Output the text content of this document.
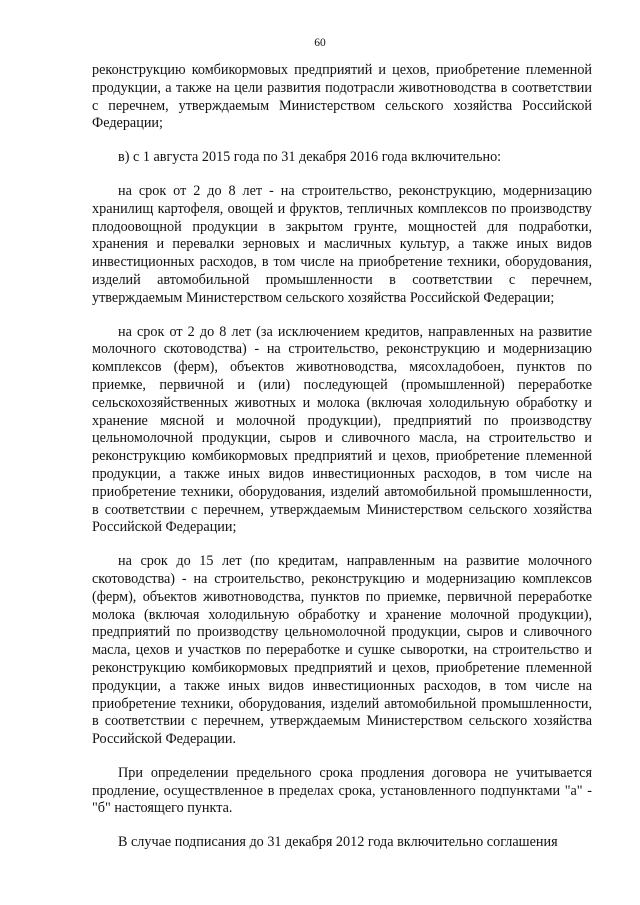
60

реконструкцию комбикормовых предприятий и цехов, приобретение племенной продукции, а также на цели развития подотрасли животноводства в соответствии с перечнем, утверждаемым Министерством сельского хозяйства Российской Федерации;

в) с 1 августа 2015 года по 31 декабря 2016 года включительно:

на срок от 2 до 8 лет - на строительство, реконструкцию, модернизацию хранилищ картофеля, овощей и фруктов, тепличных комплексов по производству плодоовощной продукции в закрытом грунте, мощностей для подработки, хранения и перевалки зерновых и масличных культур, а также иных видов инвестиционных расходов, в том числе на приобретение техники, оборудования, изделий автомобильной промышленности в соответствии с перечнем, утверждаемым Министерством сельского хозяйства Российской Федерации;

на срок от 2 до 8 лет (за исключением кредитов, направленных на развитие молочного скотоводства) - на строительство, реконструкцию и модернизацию комплексов (ферм), объектов животноводства, мясохладобоен, пунктов по приемке, первичной и (или) последующей (промышленной) переработке сельскохозяйственных животных и молока (включая холодильную обработку и хранение мясной и молочной продукции), предприятий по производству цельномолочной продукции, сыров и сливочного масла, на строительство и реконструкцию комбикормовых предприятий и цехов, приобретение племенной продукции, а также иных видов инвестиционных расходов, в том числе на приобретение техники, оборудования, изделий автомобильной промышленности, в соответствии с перечнем, утверждаемым Министерством сельского хозяйства Российской Федерации;

на срок до 15 лет (по кредитам, направленным на развитие молочного скотоводства) - на строительство, реконструкцию и модернизацию комплексов (ферм), объектов животноводства, пунктов по приемке, первичной переработке молока (включая холодильную обработку и хранение молочной продукции), предприятий по производству цельномолочной продукции, сыров и сливочного масла, цехов и участков по переработке и сушке сыворотки, на строительство и реконструкцию комбикормовых предприятий и цехов, приобретение племенной продукции, а также иных видов инвестиционных расходов, в том числе на приобретение техники, оборудования, изделий автомобильной промышленности, в соответствии с перечнем, утверждаемым Министерством сельского хозяйства Российской Федерации.

При определении предельного срока продления договора не учитывается продление, осуществленное в пределах срока, установленного подпунктами "а" - "б" настоящего пункта.

В случае подписания до 31 декабря 2012 года включительно соглашения
